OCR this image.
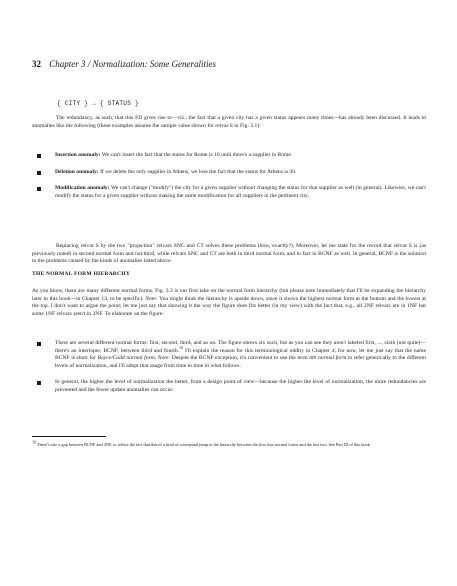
32 Chapter 3 / Normalization: Some Generalities
{ CITY } → { STATUS }

The redundancy, as such, that this FD gives rise to—viz., the fact that a given city has a given status appears many times—has already been discussed. It leads to anomalies like the following (these examples assume the sample value shown for relvar S in Fig. 3.1):

Insertion anomaly: We can't insert the fact that the status for Rome is 10 until there's a supplier in Rome.
Deletion anomaly: If we delete the only supplier in Athens, we lose the fact that the status for Athens is 30.
Modification anomaly: We can't change ("modify") the city for a given supplier without changing the status for that supplier as well (in general). Likewise, we can't modify the status for a given supplier without making the same modification for all suppliers in the pertinent city.

Replacing relvar S by the two "projection" relvars SNC and CT solves these problems (how, exactly?). Moreover, let me state for the record that relvar S is (as previously noted) in second normal form and not third, while relvars SNC and CT are both in third normal form, and in fact in BCNF as well. In general, BCNF is the solution to the problems caused by the kinds of anomalies listed above.

THE NORMAL FORM HIERARCHY

As you know, there are many different normal forms. Fig. 3.3 is our first take on the normal form hierarchy (but please note immediately that I'll be expanding the hierarchy later in this book—in Chapter 13, to be specific). Note: You might think the hierarchy is upside down, since it shows the highest normal form at the bottom and the lowest at the top. I don't want to argue the point; let me just say that showing it the way the figure does fits better (in my view) with the fact that, e.g., all 2NF relvars are in 1NF but some 1NF relvars aren't in 2NF. To elaborate on the figure:

There are several different normal forms: first, second, third, and so on. The figure shows six such, but as you can see they aren't labeled first, ..., sixth (not quite)—there's an interloper, BCNF, between third and fourth.$^{10}$ I'll explain the reason for this terminological oddity in Chapter 4; for now, let me just say that the name BCNF is short for Boyce/Codd normal form. Note: Despite the BCNF exception, it's convenient to use the term nth normal form to refer generically to the different levels of normalization, and I'll adopt that usage from time to time in what follows.
In general, the higher the level of normalization the better, from a design point of view—because the higher the level of normalization, the more redundancies are prevented and the fewer update anomalies can occur.
$^{10}$ There's also a gap between BCNF and 4NF, to reflect the fact that there's a kind of conceptual jump in the hierarchy between the first four normal forms and the last two. See Part III of this book.
